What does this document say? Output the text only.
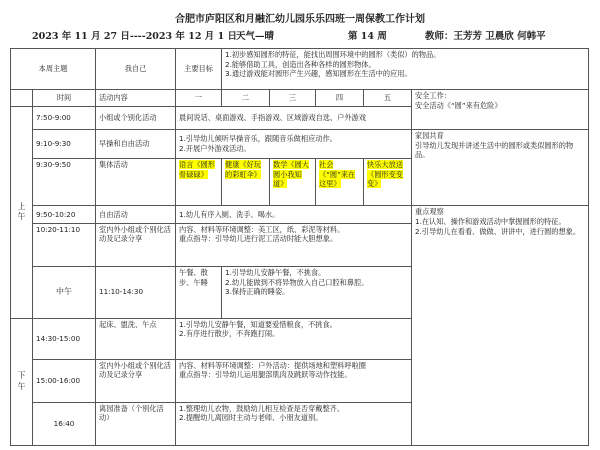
合肥市庐阳区和月融汇幼儿园乐乐四班一周保教工作计划
2023 年 11 月 27 日----2023 年 12 月 1 日 天气—晴	第 14 周	教师：王芳芳 卫晨欣 何韩平
本周主题		我自己	主要目标	1.初步感知圆形的特征，能找出周围环境中的圆形（类似）的物品。
2.能够借助工具，创造出各种各样的圆形物体。
3.通过游戏能对圆形产生兴趣，感知圆形在生活中的应用。				

	时间	活动内容	一	二	三	四	五	安全工作：
安全活动《“圆”来有危险》

上午	7:50-9:00	小组或个别化活动	晨间说话、桌面游戏、手指游戏、区域游戏自选、户外游戏					
	9:10-9:30	早操和自由活动	1.引导幼儿倾听早操音乐，跟随音乐做相应动作。
2.开展户外游戏活动。					家园共育
引导幼儿发现并讲述生活中的圆形或类似圆形的物品。

	9:30-9:50	集体活动	语言《圆形骨碌碌》	健康《好玩的彩虹伞》	数学《圆大圆小我知道》	社会《“圆”来在这里》	快乐大放送《圆形变变变》	
	9:50-10:20	自由活动	1.幼儿有序入厕、洗手、喝水。					重点观察
1.在认知、操作和游戏活动中掌握圆形的特征。
2.引导幼儿在看看、做做、讲讲中，进行圆的想象。

	10:20-11:10	室内外小组或个别化活动及记录分享	内容、材料等环境调整：美工区，纸、彩泥等材料。
重点指导：引导幼儿进行泥工活动时能大胆想象。					

	中午	11:10-14:30	午餐、散步、午睡	1.引导幼儿安静午餐，不挑食。
2.幼儿能做到不将异物放入自己口腔和鼻腔。
3.保持正确的睡姿。				

下午	14:30-15:00	起床、盥洗、午点	1.引导幼儿安静午餐，知道要爱惜粮食，不挑食。
2.有序进行散步，不奔跑打闹。					

	15:00-16:00	室内外小组或个别化活动及记录分享	内容、材料等环境调整：户外活动：提供场地和塑料呼啦圈
重点指导：引导幼儿运用腿部肌肉及跳跃等动作技能。					

	16:40	离园准备（个别化活动）	1.整理幼儿衣物，鼓励幼儿相互检查是否穿戴整齐。
2.提醒幼儿离园时主动与老师、小朋友道别。					
